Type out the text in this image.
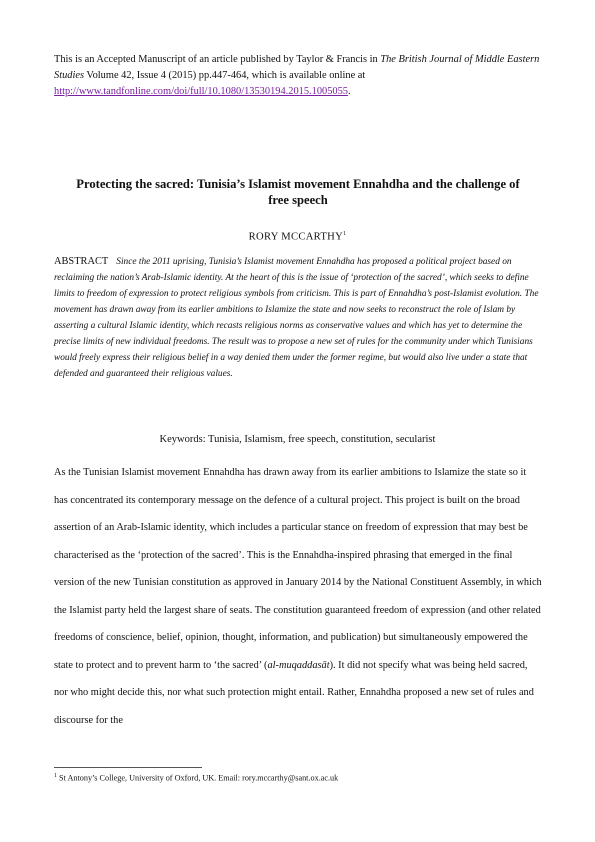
This is an Accepted Manuscript of an article published by Taylor & Francis in The British Journal of Middle Eastern Studies Volume 42, Issue 4 (2015) pp.447-464, which is available online at http://www.tandfonline.com/doi/full/10.1080/13530194.2015.1005055.
Protecting the sacred: Tunisia’s Islamist movement Ennahdha and the challenge of free speech
RORY MCCARTHY$^1$
ABSTRACT Since the 2011 uprising, Tunisia’s Islamist movement Ennahdha has proposed a political project based on reclaiming the nation’s Arab-Islamic identity. At the heart of this is the issue of ‘protection of the sacred’, which seeks to define limits to freedom of expression to protect religious symbols from criticism. This is part of Ennahdha’s post-Islamist evolution. The movement has drawn away from its earlier ambitions to Islamize the state and now seeks to reconstruct the role of Islam by asserting a cultural Islamic identity, which recasts religious norms as conservative values and which has yet to determine the precise limits of new individual freedoms. The result was to propose a new set of rules for the community under which Tunisians would freely express their religious belief in a way denied them under the former regime, but would also live under a state that defended and guaranteed their religious values.
Keywords: Tunisia, Islamism, free speech, constitution, secularist
As the Tunisian Islamist movement Ennahdha has drawn away from its earlier ambitions to Islamize the state so it has concentrated its contemporary message on the defence of a cultural project. This project is built on the broad assertion of an Arab-Islamic identity, which includes a particular stance on freedom of expression that may best be characterised as the ‘protection of the sacred’. This is the Ennahdha-inspired phrasing that emerged in the final version of the new Tunisian constitution as approved in January 2014 by the National Constituent Assembly, in which the Islamist party held the largest share of seats. The constitution guaranteed freedom of expression (and other related freedoms of conscience, belief, opinion, thought, information, and publication) but simultaneously empowered the state to protect and to prevent harm to ‘the sacred’ (al-muqaddasāt). It did not specify what was being held sacred, nor who might decide this, nor what such protection might entail. Rather, Ennahdha proposed a new set of rules and discourse for the
$^1$ St Antony’s College, University of Oxford, UK. Email: rory.mccarthy@sant.ox.ac.uk
